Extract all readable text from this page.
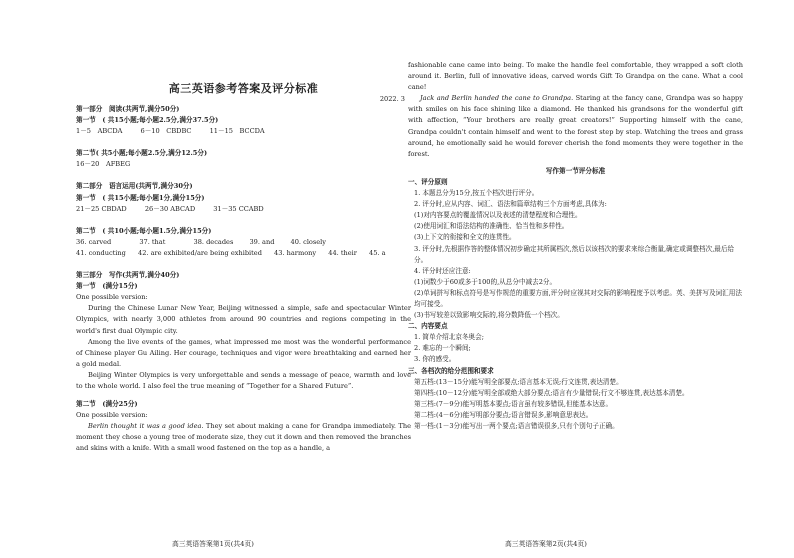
高三英语参考答案及评分标准
2022. 3
第一部分　阅读(共两节,满分50分)
第一节　( 共15小题;每小题2.5分,满分37.5分)
1－5　ABCDA	6－10　CBDBC	11－15　BCCDA
第二节( 共5小题;每小题2.5分,满分12.5分)
16－20　AFBEG
第二部分　语言运用(共两节,满分30分)
第一节　( 共15小题;每小题1分,满分15分)
21－25 CBDAD	26－30 ABCAD	31－35 CCABD
第二节　( 共10小题;每小题1.5分,满分15分)
36. carved	37. that	38. decades 39. and 40. closely
41. conducting 42. are exhibited/are being exhibited 43. harmony 44. their 45. a
第三部分　写作(共两节,满分40分)
第一节　(满分15分)
One possible version:
During the Chinese Lunar New Year, Beijing witnessed a simple, safe and spectacular Winter Olympics, with nearly 3,000 athletes from around 90 countries and regions competing in the world's first dual Olympic city.
Among the live events of the games, what impressed me most was the wonderful performance of Chinese player Gu Ailing. Her courage, techniques and vigor were breathtaking and earned her a gold medal.
Beijing Winter Olympics is very unforgettable and sends a message of peace, warmth and love to the whole world. I also feel the true meaning of “Together for a Shared Future”.
第二节　(满分25分)
One possible version:
Berlin thought it was a good idea. They set about making a cane for Grandpa immediately. The moment they chose a young tree of moderate size, they cut it down and then removed the branches and skins with a knife. With a small wood fastened on the top as a handle, a
高三英语答案第1页(共4页)
fashionable cane came into being. To make the handle feel comfortable, they wrapped a soft cloth around it. Berlin, full of innovative ideas, carved words Gift To Grandpa on the cane. What a cool cane!
Jack and Berlin handed the cane to Grandpa. Staring at the fancy cane, Grandpa was so happy with smiles on his face shining like a diamond. He thanked his grandsons for the wonderful gift with affection, “Your brothers are really great creators!” Supporting himself with the cane, Grandpa couldn't contain himself and went to the forest step by step. Watching the trees and grass around, he emotionally said he would forever cherish the fond moments they were together in the forest.
写作第一节评分标准
一、评分原则
1. 本题总分为15分,按五个档次进行评分。
2. 评分时,应从内容、词汇、语法和篇章结构三个方面考虑,具体为:
(1)对内容要点的覆盖情况以及表述的清楚程度和合理性。
(2)使用词汇和语法结构的准确性、恰当性和多样性。
(3)上下文的衔接和全文的连贯性。
3. 评分时,先根据作答的整体情况初步确定其所属档次,然后以该档次的要求来综合衡量,确定或调整档次,最后给分。
4. 评分时还应注意:
(1)词数少于60或多于100的,从总分中减去2分。
(2)单词拼写和标点符号是写作规范的重要方面,评分时应视其对交际的影响程度予以考虑。英、美拼写及词汇用法均可接受。
(3)书写较差以致影响交际的,将分数降低一个档次。
二、内容要点
1. 简单介绍北京冬奥会;
2. 难忘的一个瞬间;
3. 你的感受。
三、各档次的给分范围和要求
第五档:(13－15分)能写明全部要点;语言基本无误;行文连贯,表达清楚。
第四档:(10－12分)能写明全部或绝大部分要点;语言有少量错误;行文不够连贯,表达基本清楚。
第三档:(7－9分)能写明基本要点;语言虽有较多错误,但能基本达意。
第二档:(4－6分)能写明部分要点;语言错误多,影响意思表达。
第一档:(1－3分)能写出一两个要点;语言错误很多,只有个别句子正确。
高三英语答案第2页(共4页)
